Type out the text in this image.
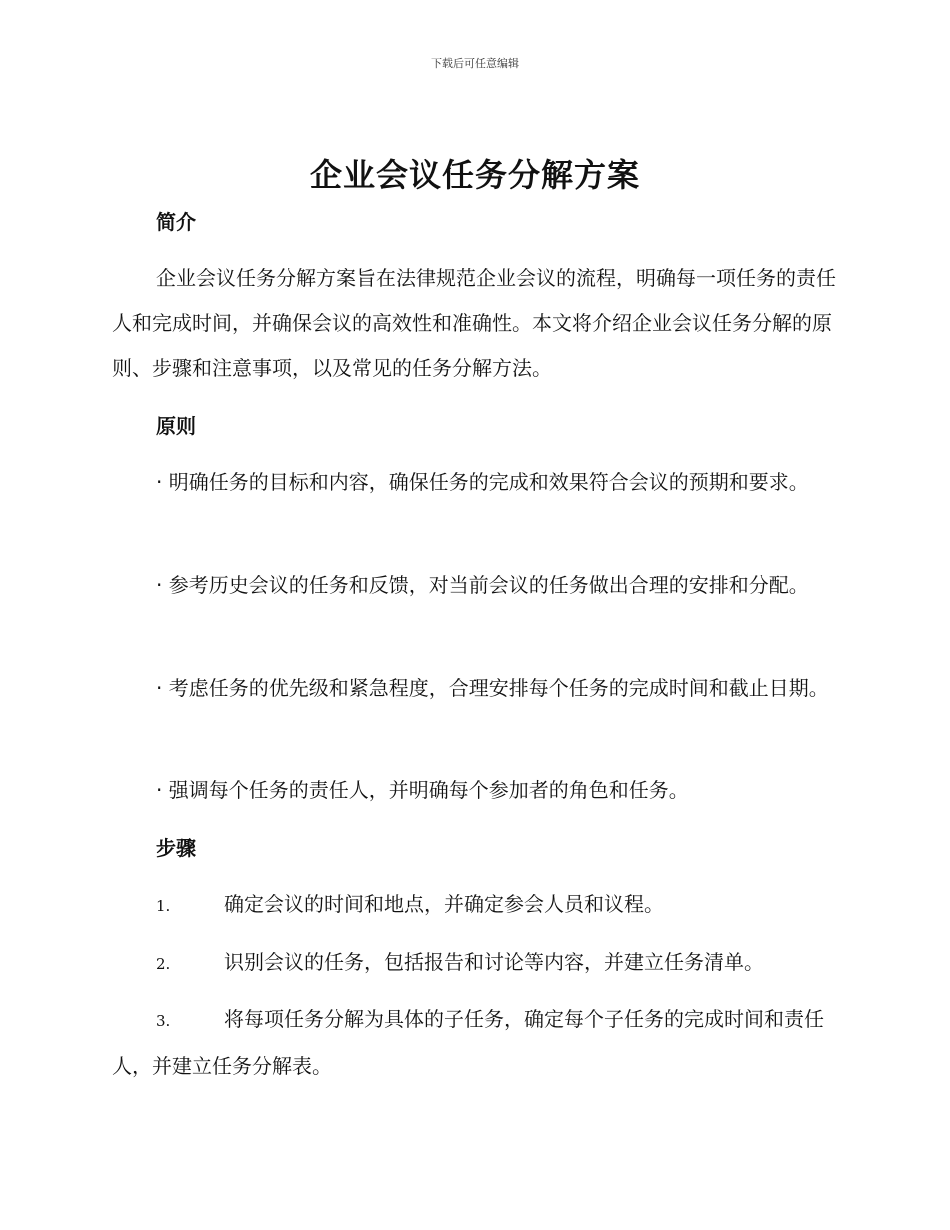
下载后可任意编辑
企业会议任务分解方案
简介

企业会议任务分解方案旨在法律规范企业会议的流程，明确每一项任务的责任人和完成时间，并确保会议的高效性和准确性。本文将介绍企业会议任务分解的原则、步骤和注意事项，以及常见的任务分解方法。

原则

· 明确任务的目标和内容，确保任务的完成和效果符合会议的预期和要求。

· 参考历史会议的任务和反馈，对当前会议的任务做出合理的安排和分配。

· 考虑任务的优先级和紧急程度，合理安排每个任务的完成时间和截止日期。

· 强调每个任务的责任人，并明确每个参加者的角色和任务。

步骤

1.	确定会议的时间和地点，并确定参会人员和议程。

2.	识别会议的任务，包括报告和讨论等内容，并建立任务清单。

3.	将每项任务分解为具体的子任务，确定每个子任务的完成时间和责任人，并建立任务分解表。
